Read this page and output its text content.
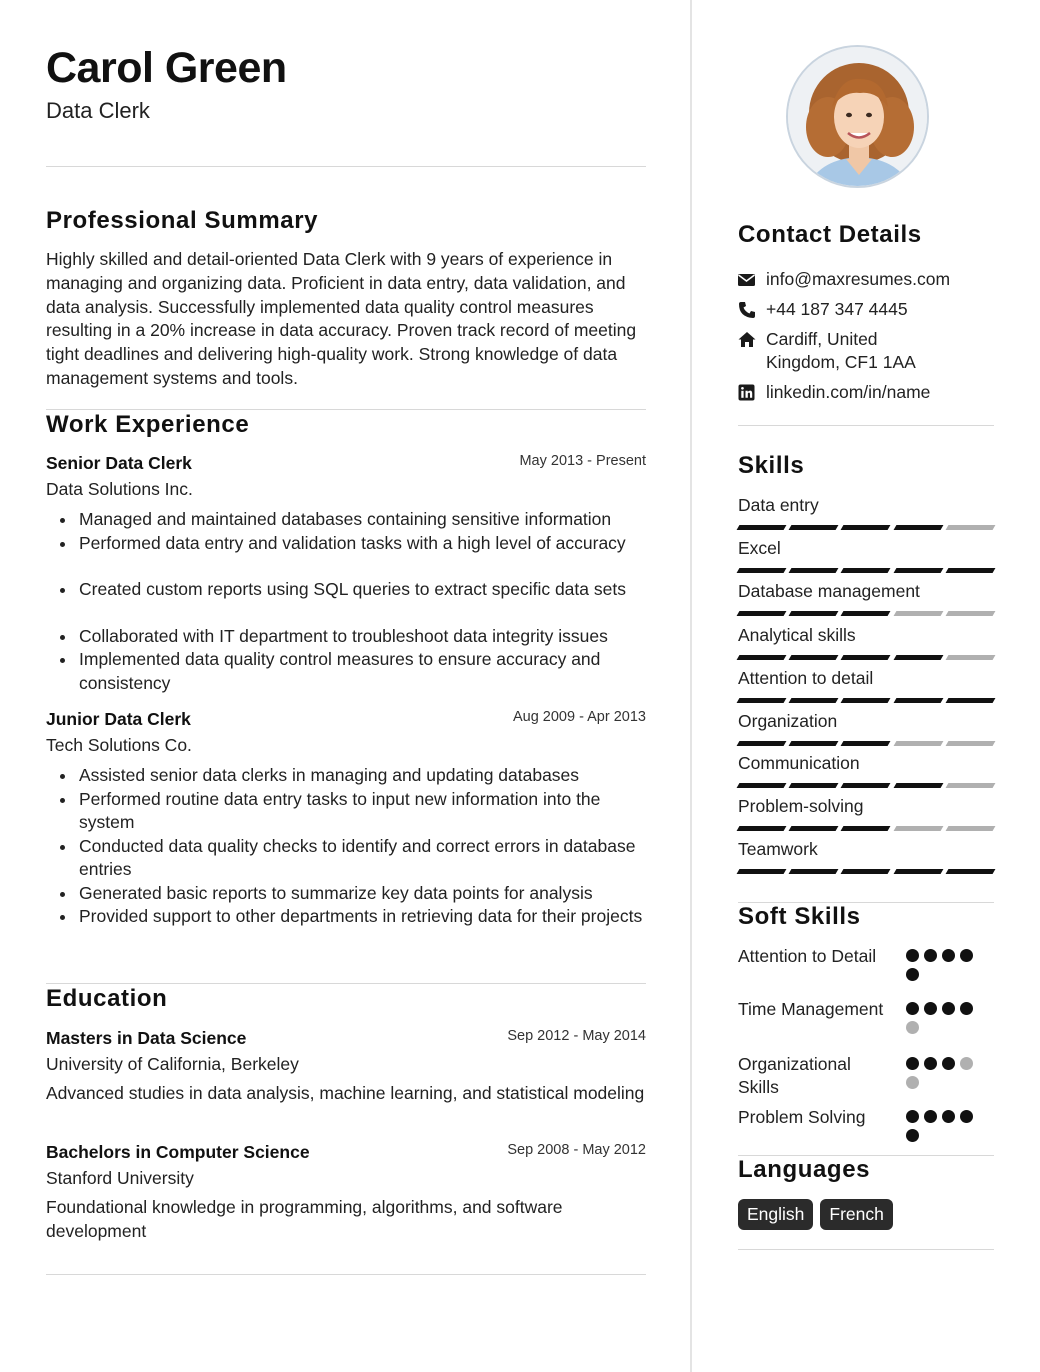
Carol Green
Data Clerk
Professional Summary
Highly skilled and detail-oriented Data Clerk with 9 years of experience in managing and organizing data. Proficient in data entry, data validation, and data analysis. Successfully implemented data quality control measures resulting in a 20% increase in data accuracy. Proven track record of meeting tight deadlines and delivering high-quality work. Strong knowledge of data management systems and tools.
Work Experience
Senior Data Clerk	May 2013 - Present
Data Solutions Inc.
Managed and maintained databases containing sensitive information
Performed data entry and validation tasks with a high level of accuracy
Created custom reports using SQL queries to extract specific data sets
Collaborated with IT department to troubleshoot data integrity issues
Implemented data quality control measures to ensure accuracy and consistency
Junior Data Clerk	Aug 2009 - Apr 2013
Tech Solutions Co.
Assisted senior data clerks in managing and updating databases
Performed routine data entry tasks to input new information into the system
Conducted data quality checks to identify and correct errors in database entries
Generated basic reports to summarize key data points for analysis
Provided support to other departments in retrieving data for their projects
Education
Masters in Data Science	Sep 2012 - May 2014
University of California, Berkeley
Advanced studies in data analysis, machine learning, and statistical modeling
Bachelors in Computer Science	Sep 2008 - May 2012
Stanford University
Foundational knowledge in programming, algorithms, and software development
Contact Details
info@maxresumes.com
+44 187 347 4445
Cardiff, United Kingdom, CF1 1AA
linkedin.com/in/name
Skills
Data entry
Excel
Database management
Analytical skills
Attention to detail
Organization
Communication
Problem-solving
Teamwork
Soft Skills
Attention to Detail
Time Management
Organizational Skills
Problem Solving
Languages
English	French
